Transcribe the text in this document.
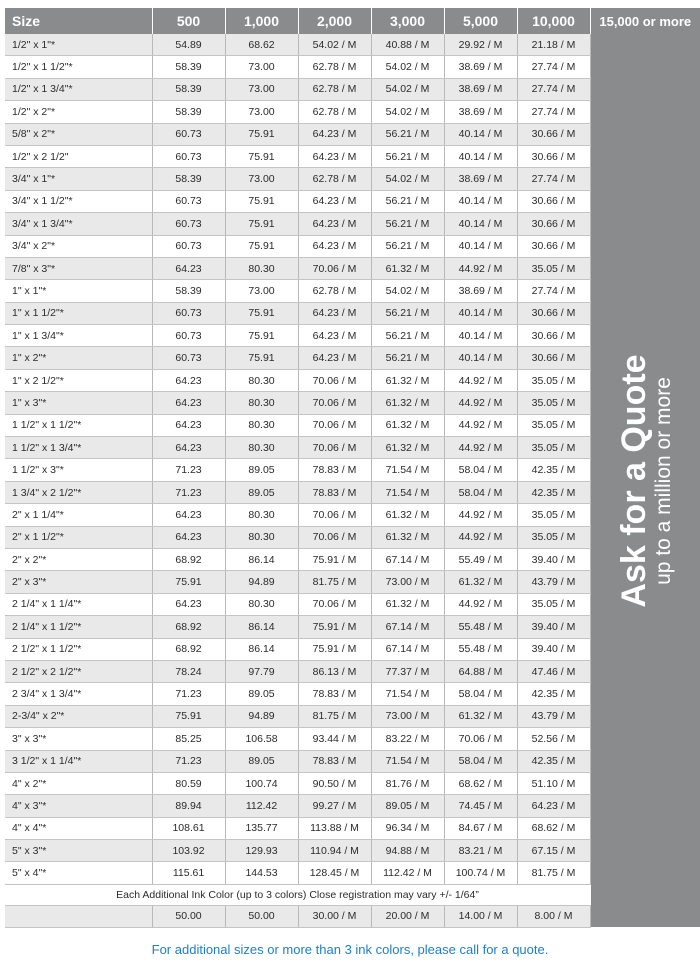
Size	500	1,000	2,000	3,000	5,000	10,000	15,000 or more
1/2" x 1"*	54.89	68.62	54.02 / M	40.88 / M	29.92 / M	21.18 / M	Ask for a Quote up to a million or more

1/2" x 1 1/2"*	58.39	73.00	62.78 / M	54.02 / M	38.69 / M	27.74 / M	
1/2" x 1 3/4"*	58.39	73.00	62.78 / M	54.02 / M	38.69 / M	27.74 / M	
1/2" x 2"*	58.39	73.00	62.78 / M	54.02 / M	38.69 / M	27.74 / M	
5/8" x 2"*	60.73	75.91	64.23 / M	56.21 / M	40.14 / M	30.66 / M	
1/2" x 2 1/2"	60.73	75.91	64.23 / M	56.21 / M	40.14 / M	30.66 / M	
3/4" x 1"*	58.39	73.00	62.78 / M	54.02 / M	38.69 / M	27.74 / M	
3/4" x 1 1/2"*	60.73	75.91	64.23 / M	56.21 / M	40.14 / M	30.66 / M	
3/4" x 1 3/4"*	60.73	75.91	64.23 / M	56.21 / M	40.14 / M	30.66 / M	
3/4" x 2"*	60.73	75.91	64.23 / M	56.21 / M	40.14 / M	30.66 / M	
7/8" x 3"*	64.23	80.30	70.06 / M	61.32 / M	44.92 / M	35.05 / M	
1" x 1"*	58.39	73.00	62.78 / M	54.02 / M	38.69 / M	27.74 / M	
1" x 1 1/2"*	60.73	75.91	64.23 / M	56.21 / M	40.14 / M	30.66 / M	
1" x 1 3/4"*	60.73	75.91	64.23 / M	56.21 / M	40.14 / M	30.66 / M	
1" x 2"*	60.73	75.91	64.23 / M	56.21 / M	40.14 / M	30.66 / M	
1" x 2 1/2"*	64.23	80.30	70.06 / M	61.32 / M	44.92 / M	35.05 / M	
1" x 3"*	64.23	80.30	70.06 / M	61.32 / M	44.92 / M	35.05 / M	
1 1/2" x 1 1/2"*	64.23	80.30	70.06 / M	61.32 / M	44.92 / M	35.05 / M	
1 1/2" x 1 3/4"*	64.23	80.30	70.06 / M	61.32 / M	44.92 / M	35.05 / M	
1 1/2" x 3"*	71.23	89.05	78.83 / M	71.54 / M	58.04 / M	42.35 / M	
1 3/4" x 2 1/2"*	71.23	89.05	78.83 / M	71.54 / M	58.04 / M	42.35 / M	
2" x 1 1/4"*	64.23	80.30	70.06 / M	61.32 / M	44.92 / M	35.05 / M	
2" x 1 1/2"*	64.23	80.30	70.06 / M	61.32 / M	44.92 / M	35.05 / M	
2" x 2"*	68.92	86.14	75.91 / M	67.14 / M	55.49 / M	39.40 / M	
2" x 3"*	75.91	94.89	81.75 / M	73.00 / M	61.32 / M	43.79 / M	
2 1/4" x 1 1/4"*	64.23	80.30	70.06 / M	61.32 / M	44.92 / M	35.05 / M	
2 1/4" x 1 1/2"*	68.92	86.14	75.91 / M	67.14 / M	55.48 / M	39.40 / M	
2 1/2" x 1 1/2"*	68.92	86.14	75.91 / M	67.14 / M	55.48 / M	39.40 / M	
2 1/2" x 2 1/2"*	78.24	97.79	86.13 / M	77.37 / M	64.88 / M	47.46 / M	
2 3/4" x 1 3/4"*	71.23	89.05	78.83 / M	71.54 / M	58.04 / M	42.35 / M	
2-3/4" x 2"*	75.91	94.89	81.75 / M	73.00 / M	61.32 / M	43.79 / M	
3" x 3"*	85.25	106.58	93.44 / M	83.22 / M	70.06 / M	52.56 / M	
3 1/2" x 1 1/4"*	71.23	89.05	78.83 / M	71.54 / M	58.04 / M	42.35 / M	
4" x 2"*	80.59	100.74	90.50 / M	81.76 / M	68.62 / M	51.10 / M	
4" x 3"*	89.94	112.42	99.27 / M	89.05 / M	74.45 / M	64.23 / M	
4" x 4"*	108.61	135.77	113.88 / M	96.34 / M	84.67 / M	68.62 / M	
5" x 3"*	103.92	129.93	110.94 / M	94.88 / M	83.21 / M	67.15 / M	
5" x 4"*	115.61	144.53	128.45 / M	112.42 / M	100.74 / M	81.75 / M	
Each Additional Ink Color (up to 3 colors) Close registration may vary +/- 1/64”							
	50.00	50.00	30.00 / M	20.00 / M	14.00 / M	8.00 / M	
For additional sizes or more than 3 ink colors, please call for a quote.
